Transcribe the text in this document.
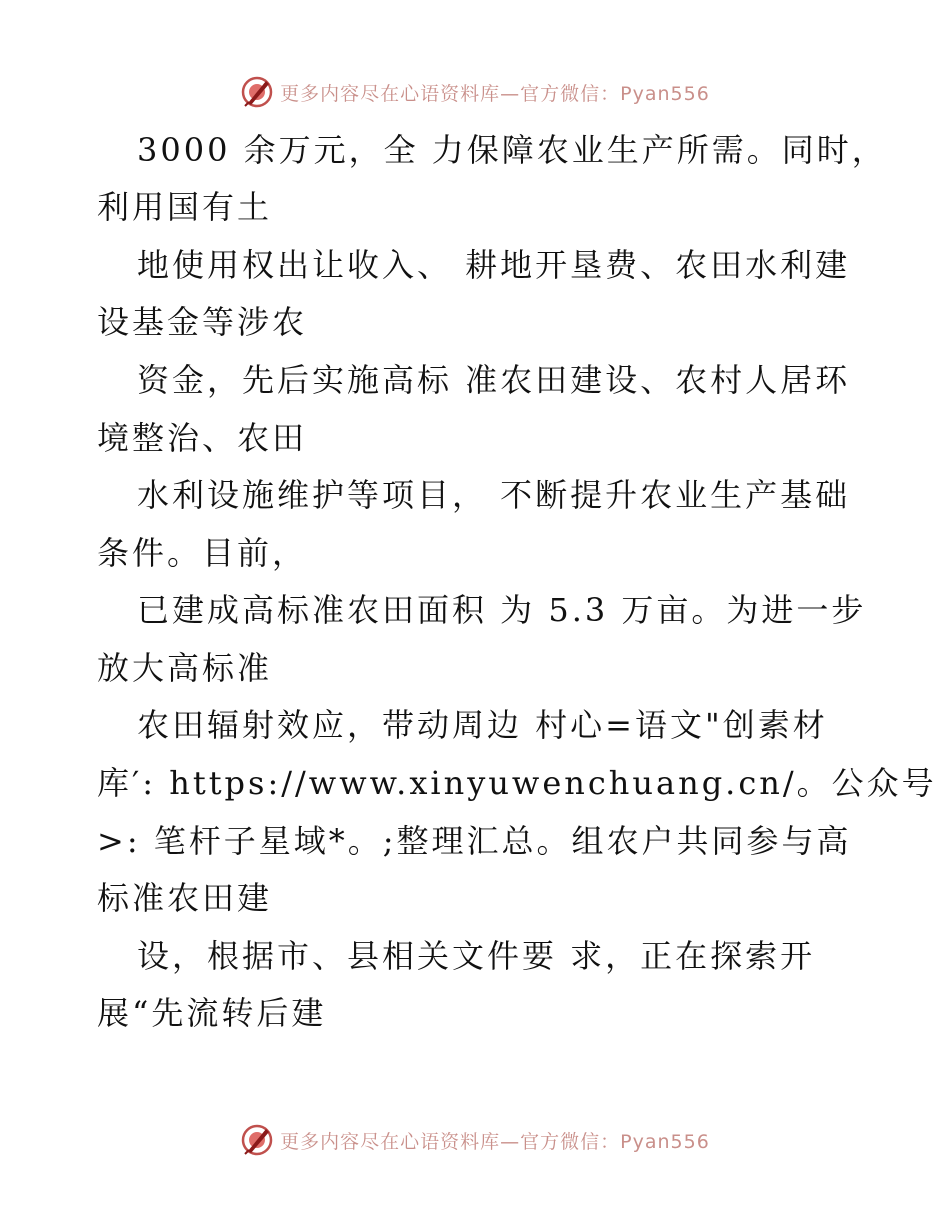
更多内容尽在心语资料库—官方微信：Pyan556
3000 余万元，全 力保障农业生产所需。同时，
利用国有土
地使用权出让收入、 耕地开垦费、农田水利建
设基金等涉农
资金，先后实施高标 准农田建设、农村人居环
境整治、农田
水利设施维护等项目， 不断提升农业生产基础
条件。目前，
已建成高标准农田面积 为 5.3 万亩。为进一步
放大高标准
农田辐射效应，带动周边 村心=语文"创素材
库′: https://www.xinyuwenchuang.cn/。公众号
>: 笔杆子星域*。;整理汇总。组农户共同参与高
标准农田建
设，根据市、县相关文件要 求，正在探索开
展“先流转后建
更多内容尽在心语资料库—官方微信：Pyan556
